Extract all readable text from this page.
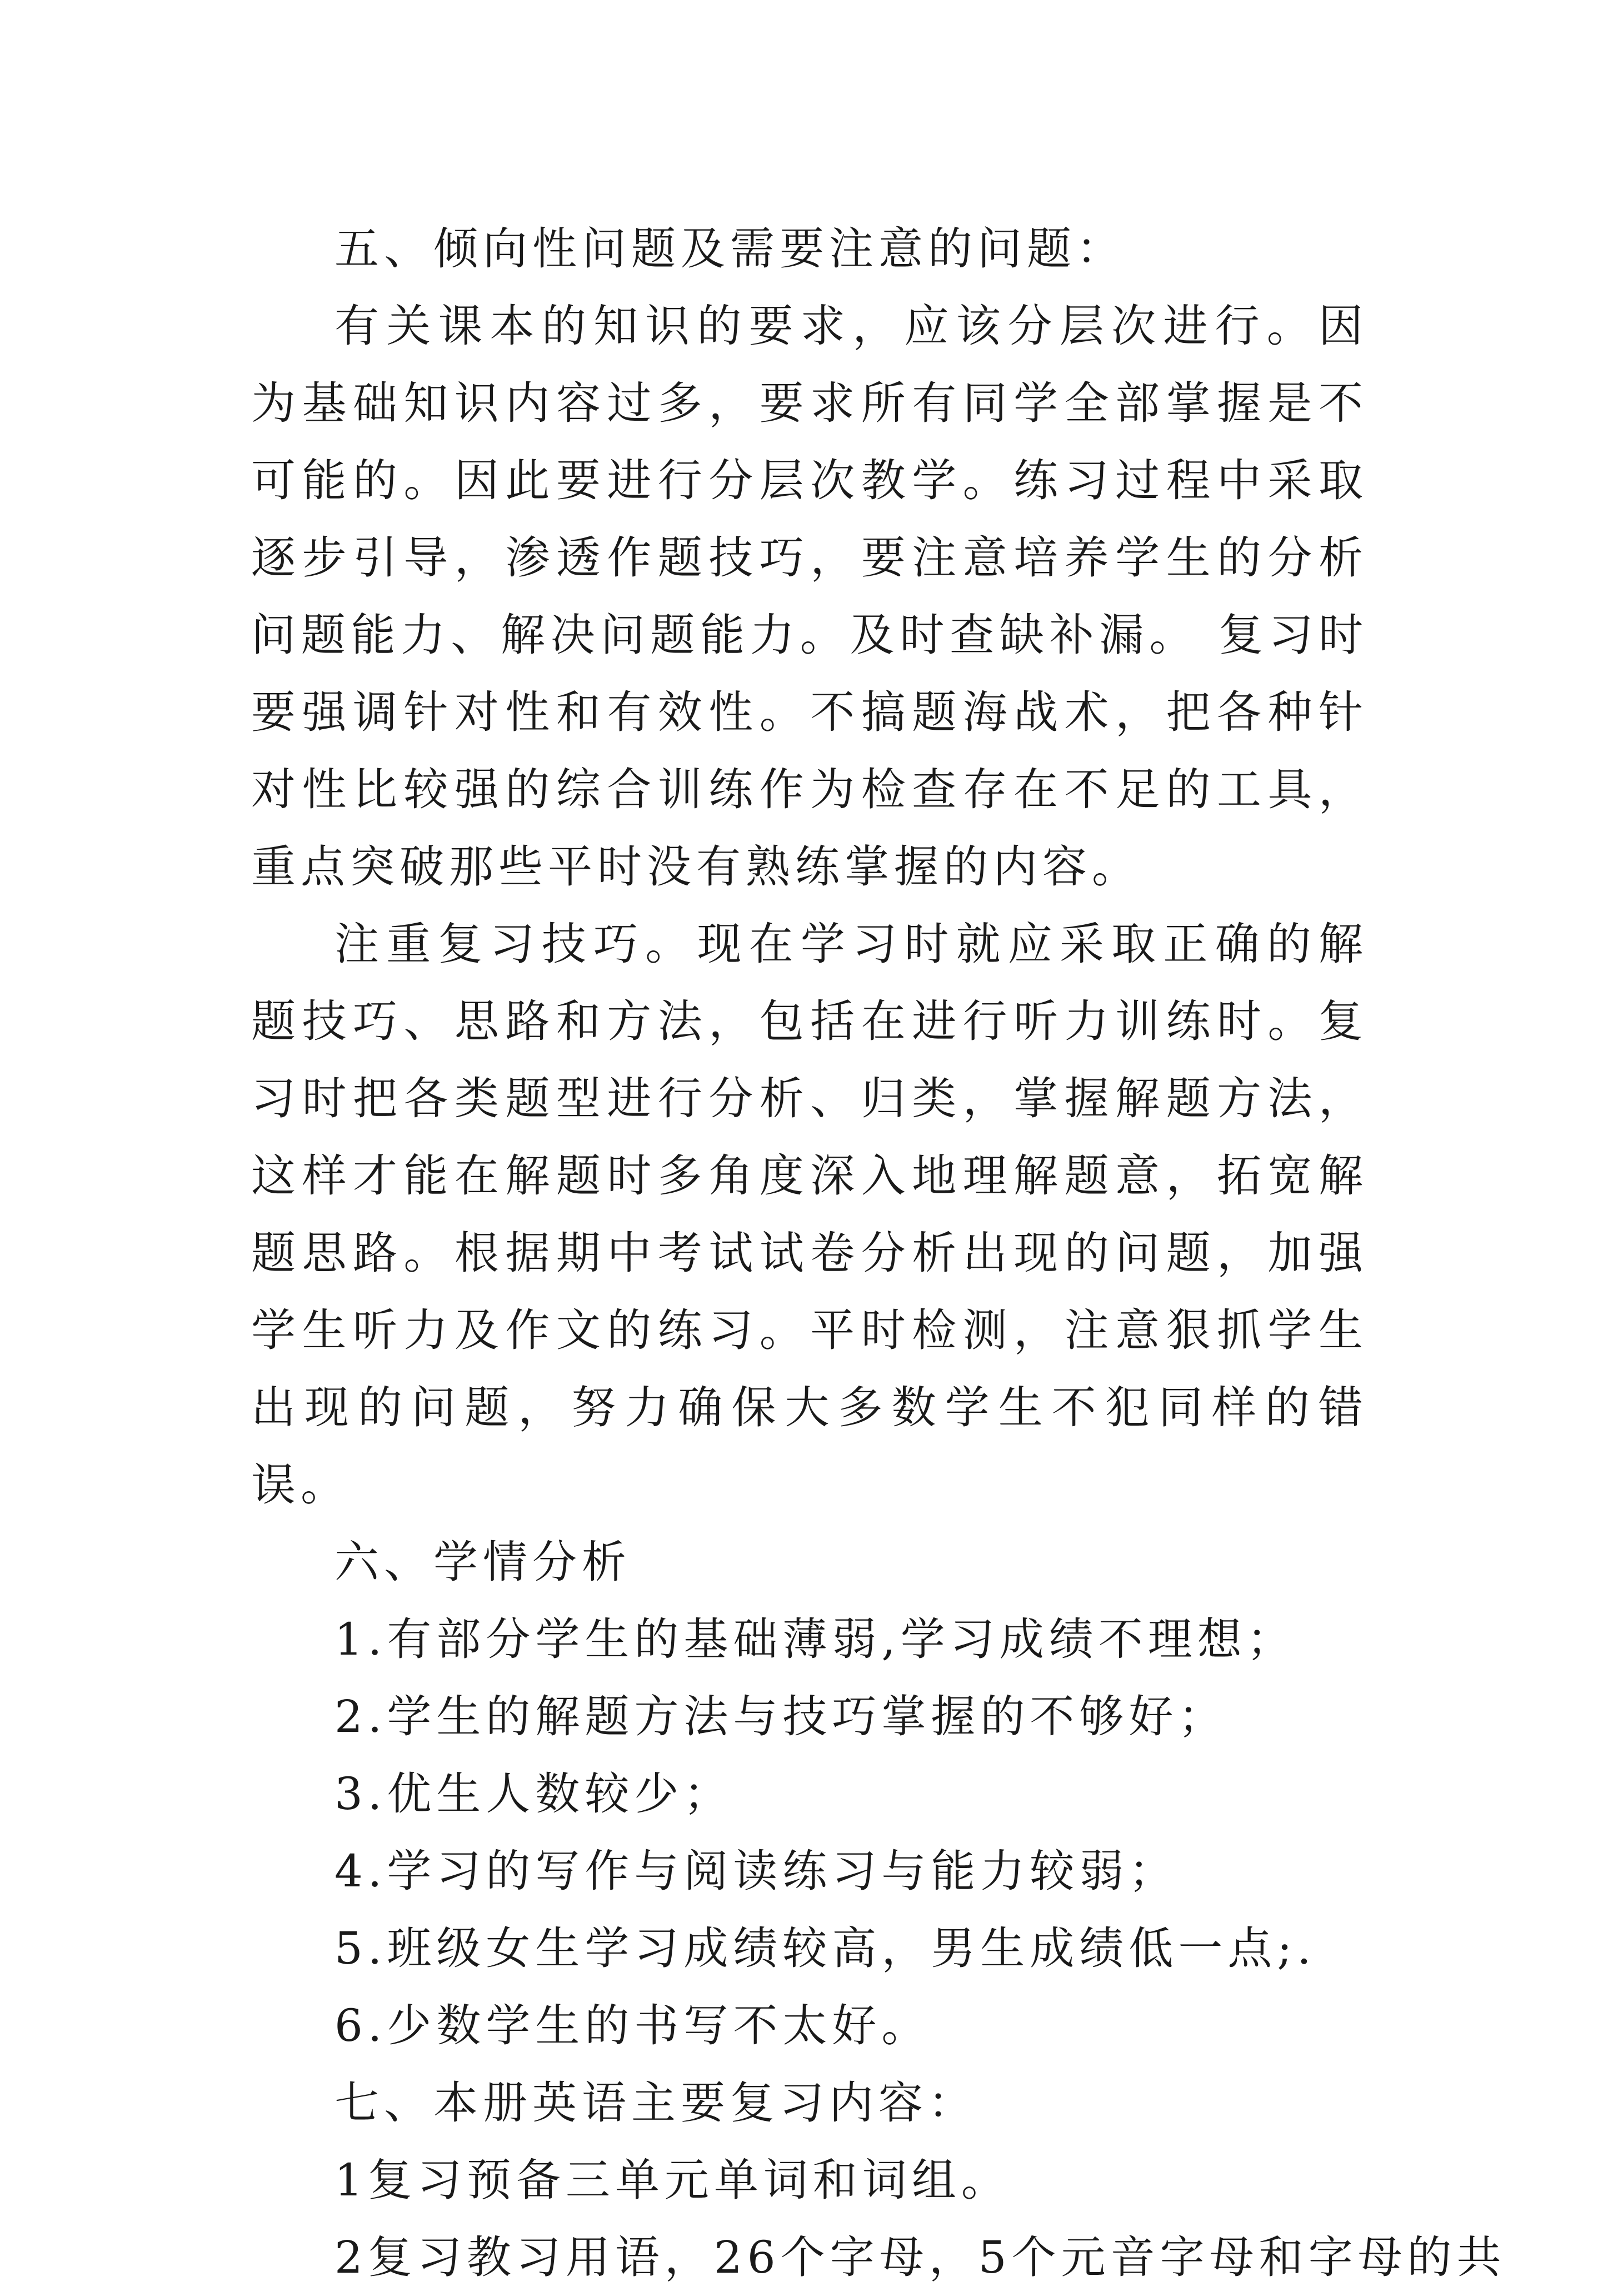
五、倾向性问题及需要注意的问题：

有关课本的知识的要求，应该分层次进行。因为基础知识内容过多，要求所有同学全部掌握是不可能的。因此要进行分层次教学。练习过程中采取逐步引导，渗透作题技巧，要注意培养学生的分析问题能力、解决问题能力。及时查缺补漏。 复习时要强调针对性和有效性。不搞题海战术，把各种针对性比较强的综合训练作为检查存在不足的工具，重点突破那些平时没有熟练掌握的内容。

注重复习技巧。现在学习时就应采取正确的解题技巧、思路和方法，包括在进行听力训练时。复习时把各类题型进行分析、归类，掌握解题方法，这样才能在解题时多角度深入地理解题意，拓宽解题思路。根据期中考试试卷分析出现的问题，加强学生听力及作文的练习。平时检测，注意狠抓学生出现的问题，努力确保大多数学生不犯同样的错误。

六、学情分析

1.有部分学生的基础薄弱,学习成绩不理想；

2.学生的解题方法与技巧掌握的不够好；

3.优生人数较少；

4.学习的写作与阅读练习与能力较弱；

5.班级女生学习成绩较高，男生成绩低一点;.

6.少数学生的书写不太好。

七、本册英语主要复习内容：

1复习预备三单元单词和词组。

2复习教习用语，26个字母，5个元音字母和字母的共
